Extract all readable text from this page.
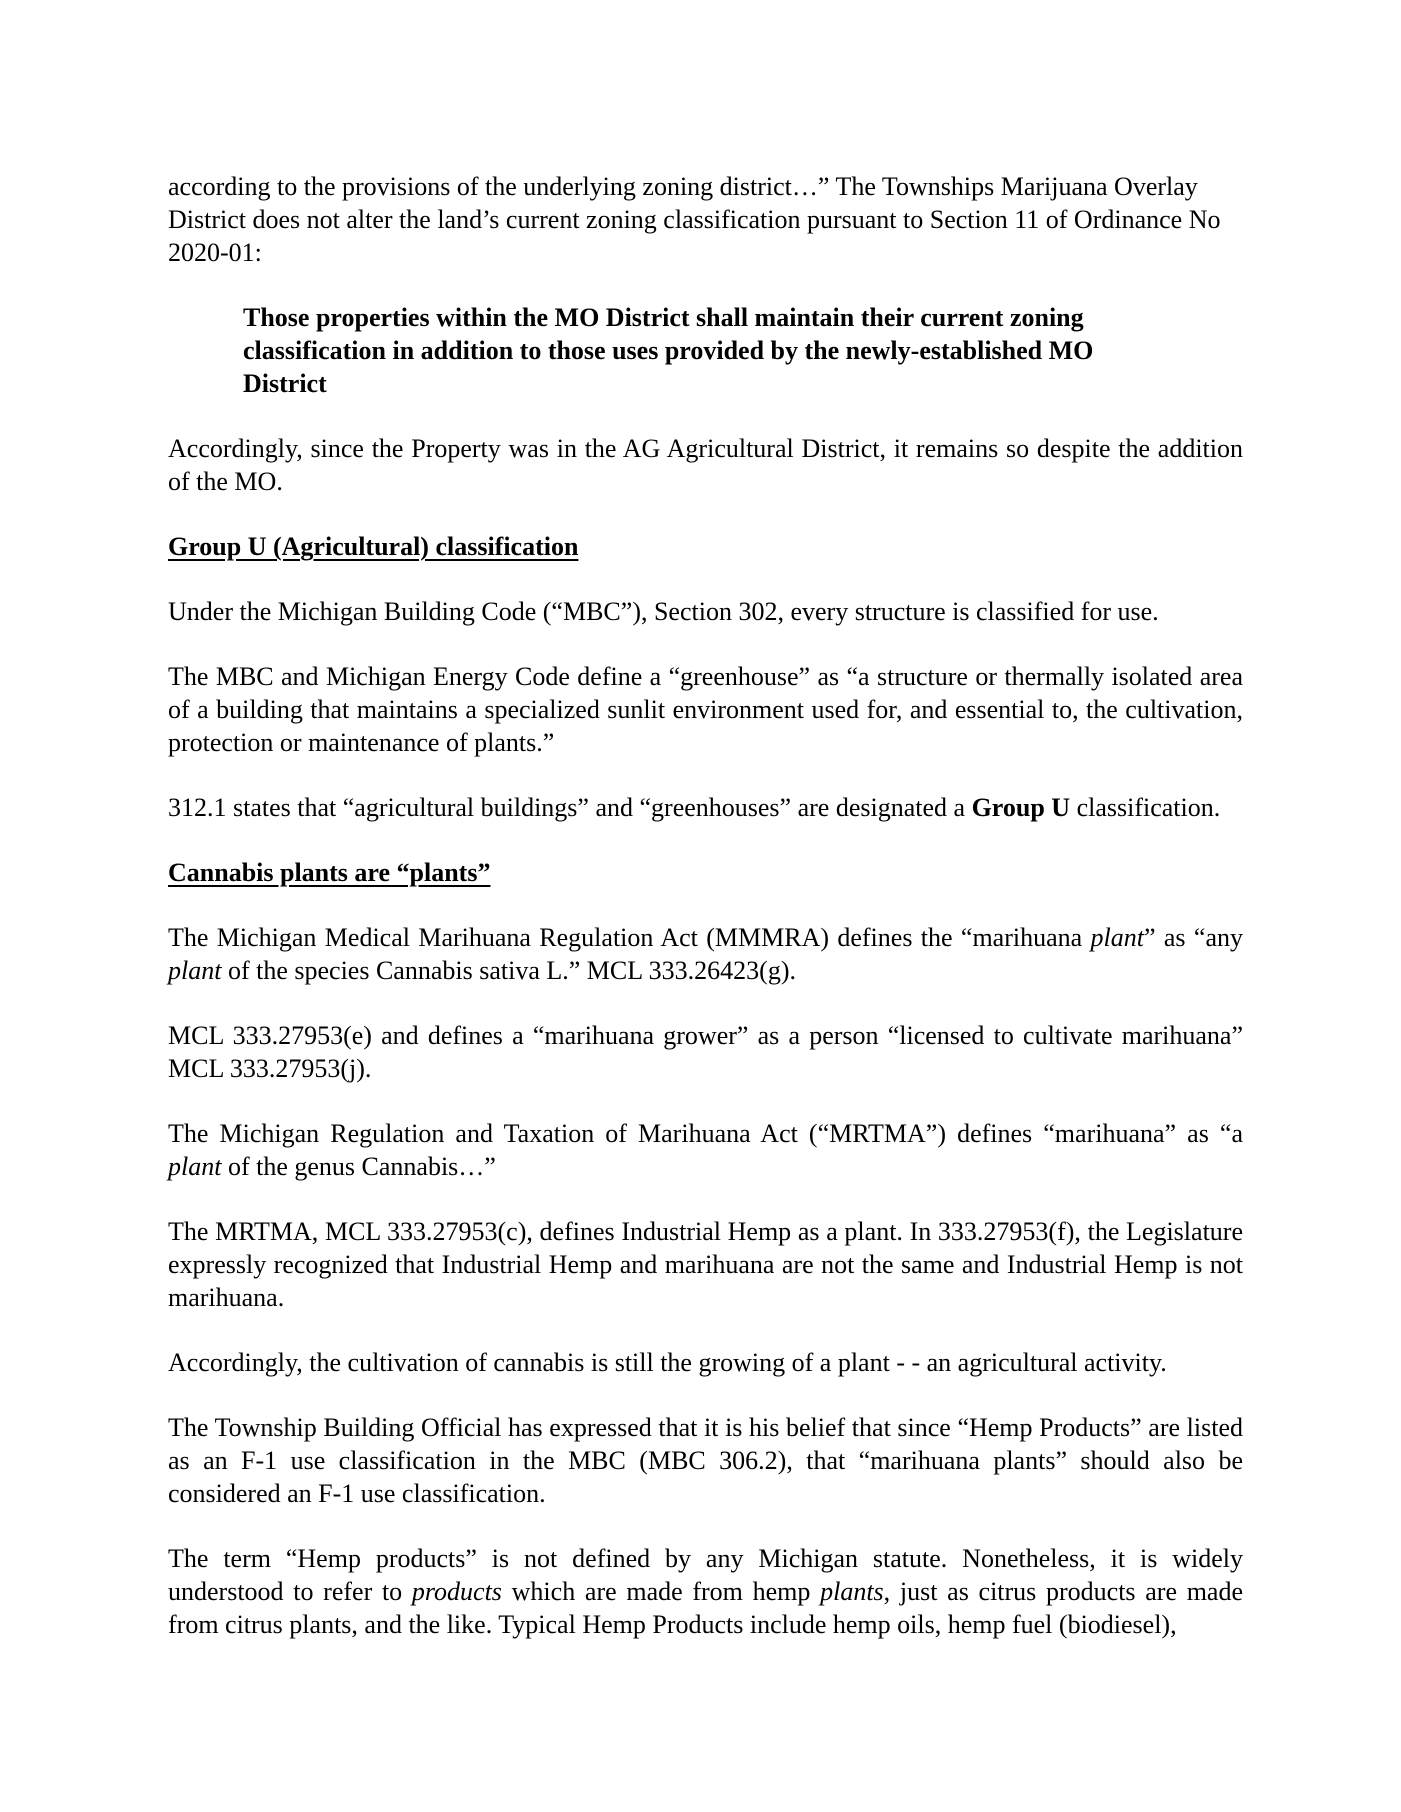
according to the provisions of the underlying zoning district…” The Townships Marijuana Overlay District does not alter the land’s current zoning classification pursuant to Section 11 of Ordinance No 2020-01:

Those properties within the MO District shall maintain their current zoning classification in addition to those uses provided by the newly-established MO District

Accordingly, since the Property was in the AG Agricultural District, it remains so despite the addition of the MO.

Group U (Agricultural) classification

Under the Michigan Building Code (“MBC”), Section 302, every structure is classified for use.

The MBC and Michigan Energy Code define a “greenhouse” as “a structure or thermally isolated area of a building that maintains a specialized sunlit environment used for, and essential to, the cultivation, protection or maintenance of plants.”

312.1 states that “agricultural buildings” and “greenhouses” are designated a Group U classification.

Cannabis plants are “plants”

The Michigan Medical Marihuana Regulation Act (MMMRA) defines the “marihuana plant” as “any plant of the species Cannabis sativa L.” MCL 333.26423(g).

MCL 333.27953(e) and defines a “marihuana grower” as a person “licensed to cultivate marihuana” MCL 333.27953(j).

The Michigan Regulation and Taxation of Marihuana Act (“MRTMA”) defines “marihuana” as “a plant of the genus Cannabis…”

The MRTMA, MCL 333.27953(c), defines Industrial Hemp as a plant. In 333.27953(f), the Legislature expressly recognized that Industrial Hemp and marihuana are not the same and Industrial Hemp is not marihuana.

Accordingly, the cultivation of cannabis is still the growing of a plant - - an agricultural activity.

The Township Building Official has expressed that it is his belief that since “Hemp Products” are listed as an F-1 use classification in the MBC (MBC 306.2), that “marihuana plants” should also be considered an F-1 use classification.

The term “Hemp products” is not defined by any Michigan statute. Nonetheless, it is widely understood to refer to products which are made from hemp plants, just as citrus products are made from citrus plants, and the like. Typical Hemp Products include hemp oils, hemp fuel (biodiesel),
